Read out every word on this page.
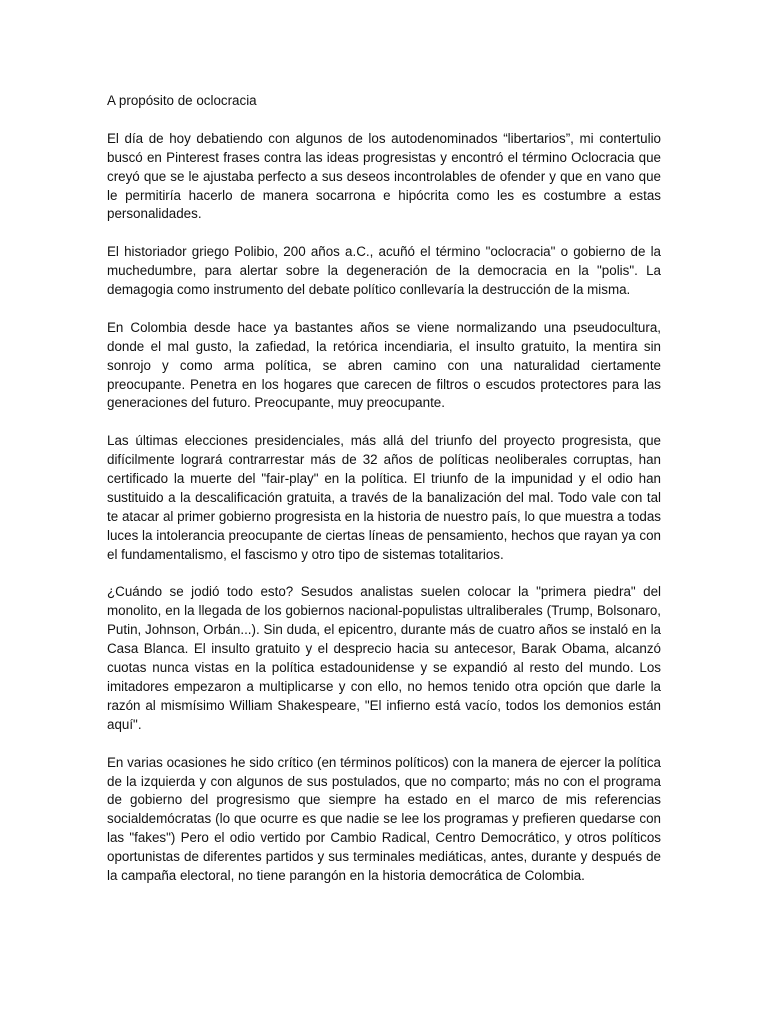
A propósito de oclocracia

El día de hoy debatiendo con algunos de los autodenominados “libertarios”, mi contertulio buscó en Pinterest frases contra las ideas progresistas y encontró el término Oclocracia que creyó que se le ajustaba perfecto a sus deseos incontrolables de ofender y que en vano que le permitiría hacerlo de manera socarrona e hipócrita como les es costumbre a estas personalidades.

El historiador griego Polibio, 200 años a.C., acuñó el término "oclocracia" o gobierno de la muchedumbre, para alertar sobre la degeneración de la democracia en la "polis". La demagogia como instrumento del debate político conllevaría la destrucción de la misma.

En Colombia desde hace ya bastantes años se viene normalizando una pseudocultura, donde el mal gusto, la zafiedad, la retórica incendiaria, el insulto gratuito, la mentira sin sonrojo y como arma política, se abren camino con una naturalidad ciertamente preocupante. Penetra en los hogares que carecen de filtros o escudos protectores para las generaciones del futuro. Preocupante, muy preocupante.

Las últimas elecciones presidenciales, más allá del triunfo del proyecto progresista, que difícilmente logrará contrarrestar más de 32 años de políticas neoliberales corruptas, han certificado la muerte del "fair-play" en la política. El triunfo de la impunidad y el odio han sustituido a la descalificación gratuita, a través de la banalización del mal. Todo vale con tal te atacar al primer gobierno progresista en la historia de nuestro país, lo que muestra a todas luces la intolerancia preocupante de ciertas líneas de pensamiento, hechos que rayan ya con el fundamentalismo, el fascismo y otro tipo de sistemas totalitarios.

¿Cuándo se jodió todo esto? Sesudos analistas suelen colocar la "primera piedra" del monolito, en la llegada de los gobiernos nacional-populistas ultraliberales (Trump, Bolsonaro, Putin, Johnson, Orbán...). Sin duda, el epicentro, durante más de cuatro años se instaló en la Casa Blanca. El insulto gratuito y el desprecio hacia su antecesor, Barak Obama, alcanzó cuotas nunca vistas en la política estadounidense y se expandió al resto del mundo. Los imitadores empezaron a multiplicarse y con ello, no hemos tenido otra opción que darle la razón al mismísimo William Shakespeare, "El infierno está vacío, todos los demonios están aquí".

En varias ocasiones he sido crítico (en términos políticos) con la manera de ejercer la política de la izquierda y con algunos de sus postulados, que no comparto; más no con el programa de gobierno del progresismo que siempre ha estado en el marco de mis referencias socialdemócratas (lo que ocurre es que nadie se lee los programas y prefieren quedarse con las "fakes") Pero el odio vertido por Cambio Radical, Centro Democrático, y otros políticos oportunistas de diferentes partidos y sus terminales mediáticas, antes, durante y después de la campaña electoral, no tiene parangón en la historia democrática de Colombia.
